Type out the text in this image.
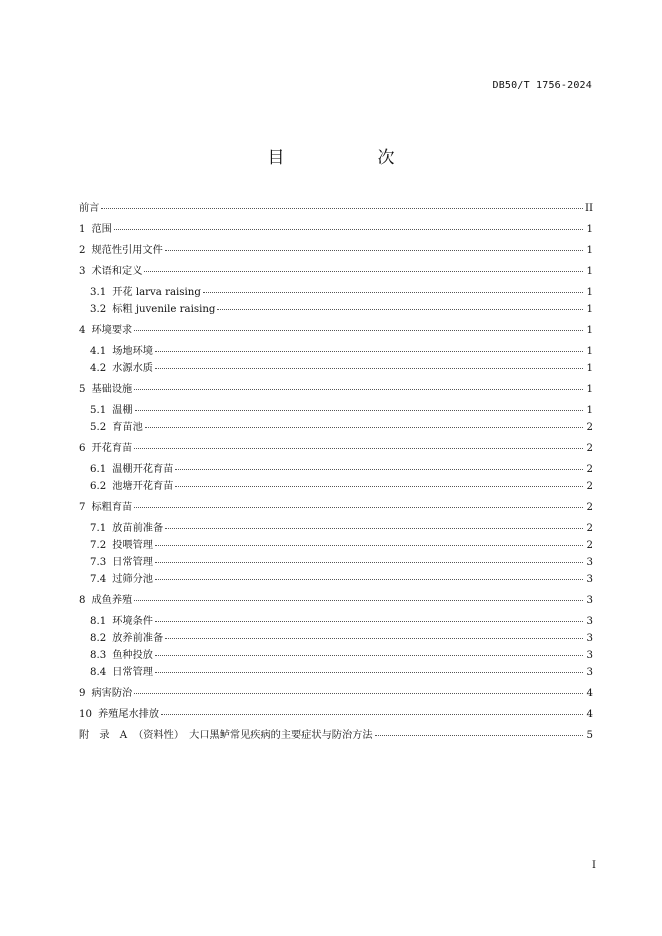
DB50/T 1756-2024
目　次
前言	II
1 范围	1
2 规范性引用文件	1
3 术语和定义	1
3.1 开花 larva raising	1
3.2 标粗 juvenile raising	1
4 环境要求	1
4.1 场地环境	1
4.2 水源水质	1
5 基础设施	1
5.1 温棚	1
5.2 育苗池	2
6 开花育苗	2
6.1 温棚开花育苗	2
6.2 池塘开花育苗	2
7 标粗育苗	2
7.1 放苗前准备	2
7.2 投喂管理	2
7.3 日常管理	3
7.4 过筛分池	3
8 成鱼养殖	3
8.1 环境条件	3
8.2 放养前准备	3
8.3 鱼种投放	3
8.4 日常管理	3
9 病害防治	4
10 养殖尾水排放	4
附　录　A （资料性）　大口黑鲈常见疾病的主要症状与防治方法	5
I
